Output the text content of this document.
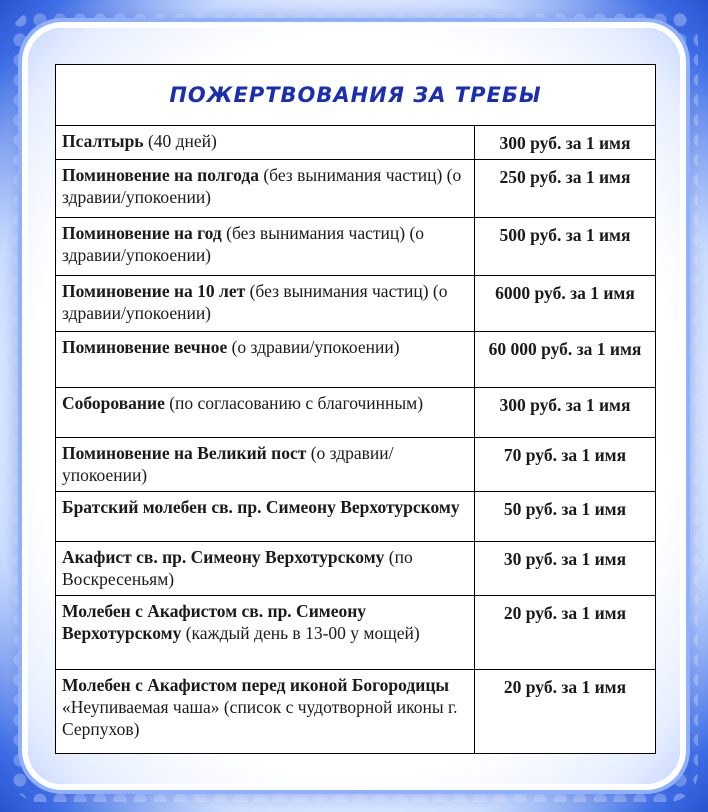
ПОЖЕРТВОВАНИЯ ЗА ТРЕБЫ	
Псалтырь (40 дней)	300 руб. за 1 имя
Поминовение на полгода (без вынимания частиц) (о здравии/упокоении)	250 руб. за 1 имя
Поминовение на год (без вынимания частиц) (о здравии/упокоении)	500 руб. за 1 имя
Поминовение на 10 лет (без вынимания частиц) (о здравии/упокоении)	6000 руб. за 1 имя
Поминовение вечное (о здравии/упокоении)	60 000 руб. за 1 имя
Соборование (по согласованию с благочинным)	300 руб. за 1 имя
Поминовение на Великий пост (о здравии/упокоении)	70 руб. за 1 имя
Братский молебен св. пр. Симеону Верхотурскому	50 руб. за 1 имя
Акафист св. пр. Симеону Верхотурскому (по Воскресеньям)	30 руб. за 1 имя
Молебен с Акафистом св. пр. Симеону Верхотурскому (каждый день в 13-00 у мощей)	20 руб. за 1 имя
Молебен с Акафистом перед иконой Богородицы «Неупиваемая чаша» (список с чудотворной иконы г. Серпухов)	20 руб. за 1 имя
✦
